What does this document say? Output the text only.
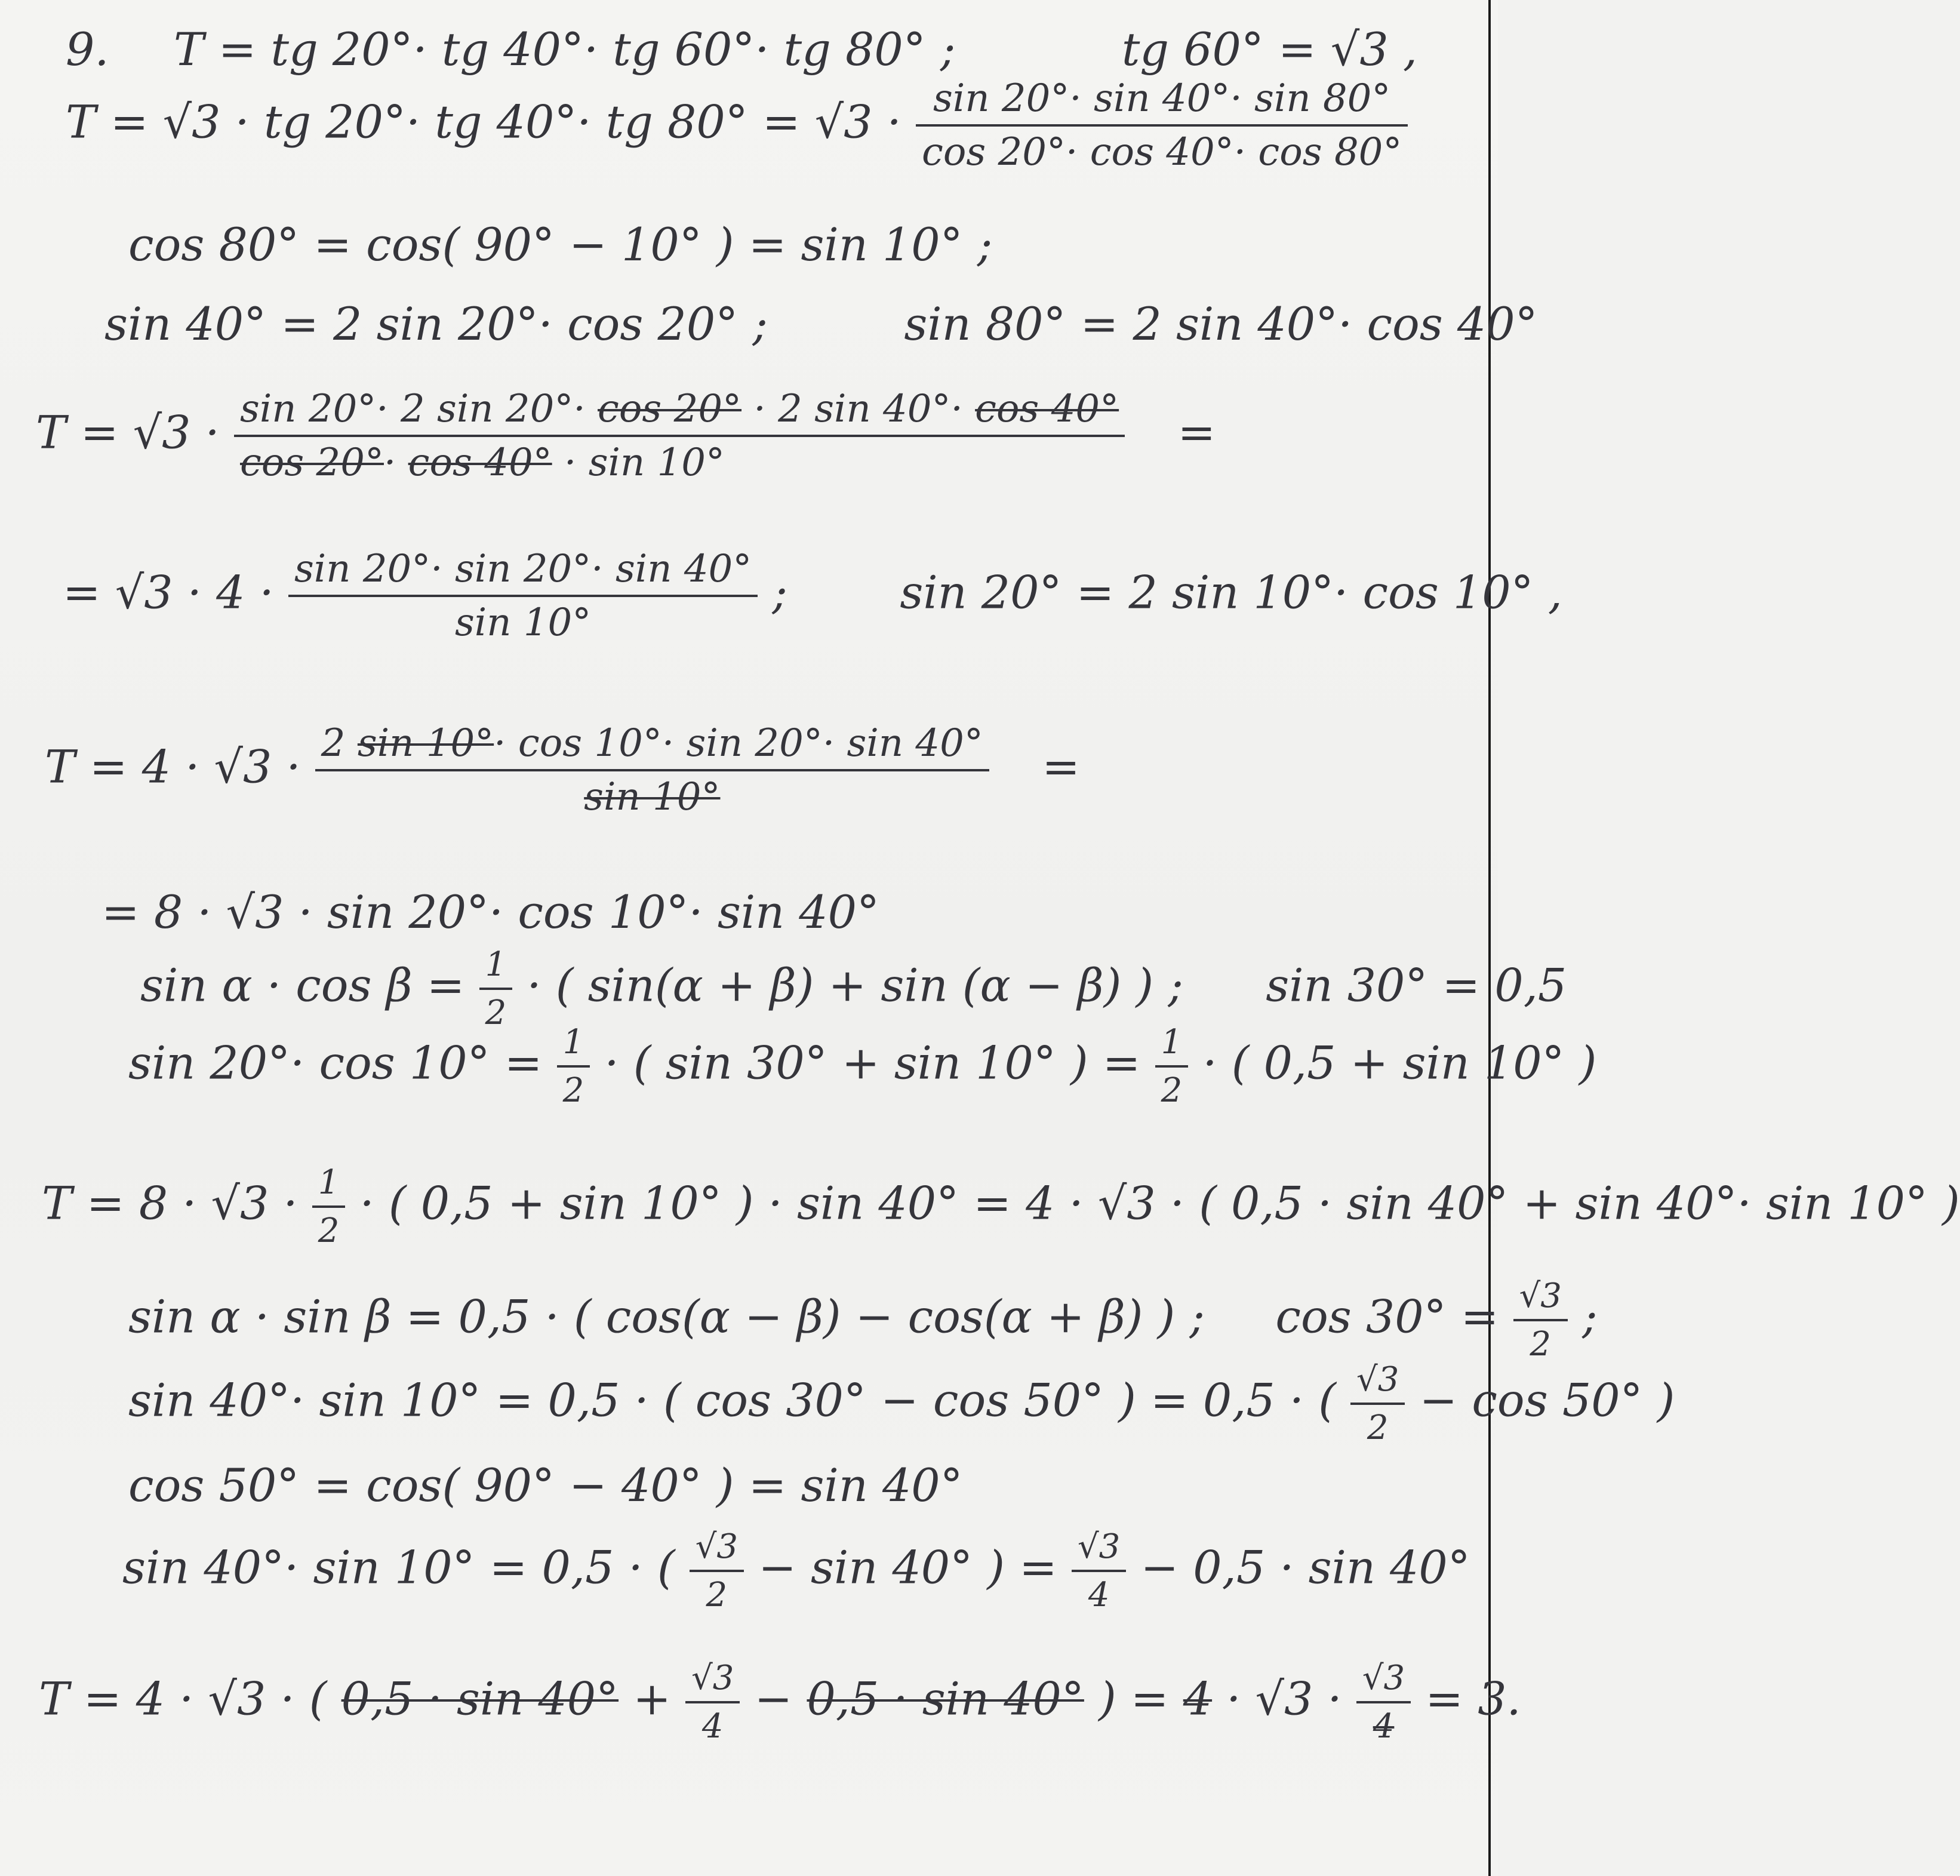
9. T = tg 20°· tg 40°· tg 60°· tg 80° ;	tg 60° = √3 ,
T = √3 · tg 20°· tg 40°· tg $80^\circ = √3 \cdot \frac{\sin 20^\circ\cdot \sin 40^\circ\cdot \sin 80^\circ}{\cos 20^\circ\cdot \cos 40^\circ\cdot \cos 80^\circ}$
cos 80° = cos( 90° − 10° ) = sin 10° ;
sin 40° = 2 sin 20°· cos 20° ;	sin 80° = 2 sin 40°· cos 40°
$T = √3 \cdot \frac{\sin 20^\circ\cdot 2 \sin 20^\circ\cdot \cos 20^\circ \cdot 2 \sin 40^\circ\cdot \cos 40^\circ}{\cos 20^\circ\cdot \cos 40^\circ \cdot \sin 10^\circ}$ =
= $√3 \cdot 4 \cdot \frac{\sin 20^\circ\cdot \sin 20^\circ\cdot \sin 40^\circ}{\sin 10^\circ}$ ; sin 20° = 2 sin 10°· cos 10° ,
$T = 4 \cdot √3 \cdot \frac{2 \sin 10^\circ\cdot \cos 10^\circ\cdot \sin 20^\circ\cdot \sin 40^\circ}{\sin 10^\circ}$ =
= 8 · √3 · sin 20°· cos 10°· sin 40°
$\sin \alpha \cdot \cos \beta = \frac{1}{2}$ · ( sin(α + β) + sin (α − β) ) ; sin 30° = 0,5
$\sin 20^\circ\cdot \cos 10^\circ = \frac{1}{2}$ · ( sin 30° + sin 10° ) = $\frac{1}{2}$ · ( 0,5 + sin 10° )
$T = 8 \cdot √3 \cdot \frac{1}{2}$ · ( 0,5 + sin 10° ) · sin 40° = 4 · √3 · ( 0,5 · sin 40° + sin 40°· sin 10° )
sin α · sin β = 0,5 · ( cos(α − β) − cos(α + β) ) ; $\cos 30^\circ = \frac{√3}{2}$ ;
sin 40°· sin 10° = 0,5 · ( cos 30° − cos 50° ) = 0,5 · ( $\frac{√3}{2} - \cos 50^\circ$ )
cos 50° = cos( 90° − 40° ) = sin 40°
sin 40°· sin 10° = 0,5 · ( $\frac{√3}{2} - \sin 40^\circ$ ) = $\frac{√3}{4} - 0,5 \cdot \sin 40^\circ$
T = 4 · √3 · ( $0,5 \cdot \sin 40^\circ + \frac{√3}{4} - 0,5 \cdot \sin 40^\circ$ ) = $4 \cdot √3 \cdot \frac{√3}{4} = 3$.
